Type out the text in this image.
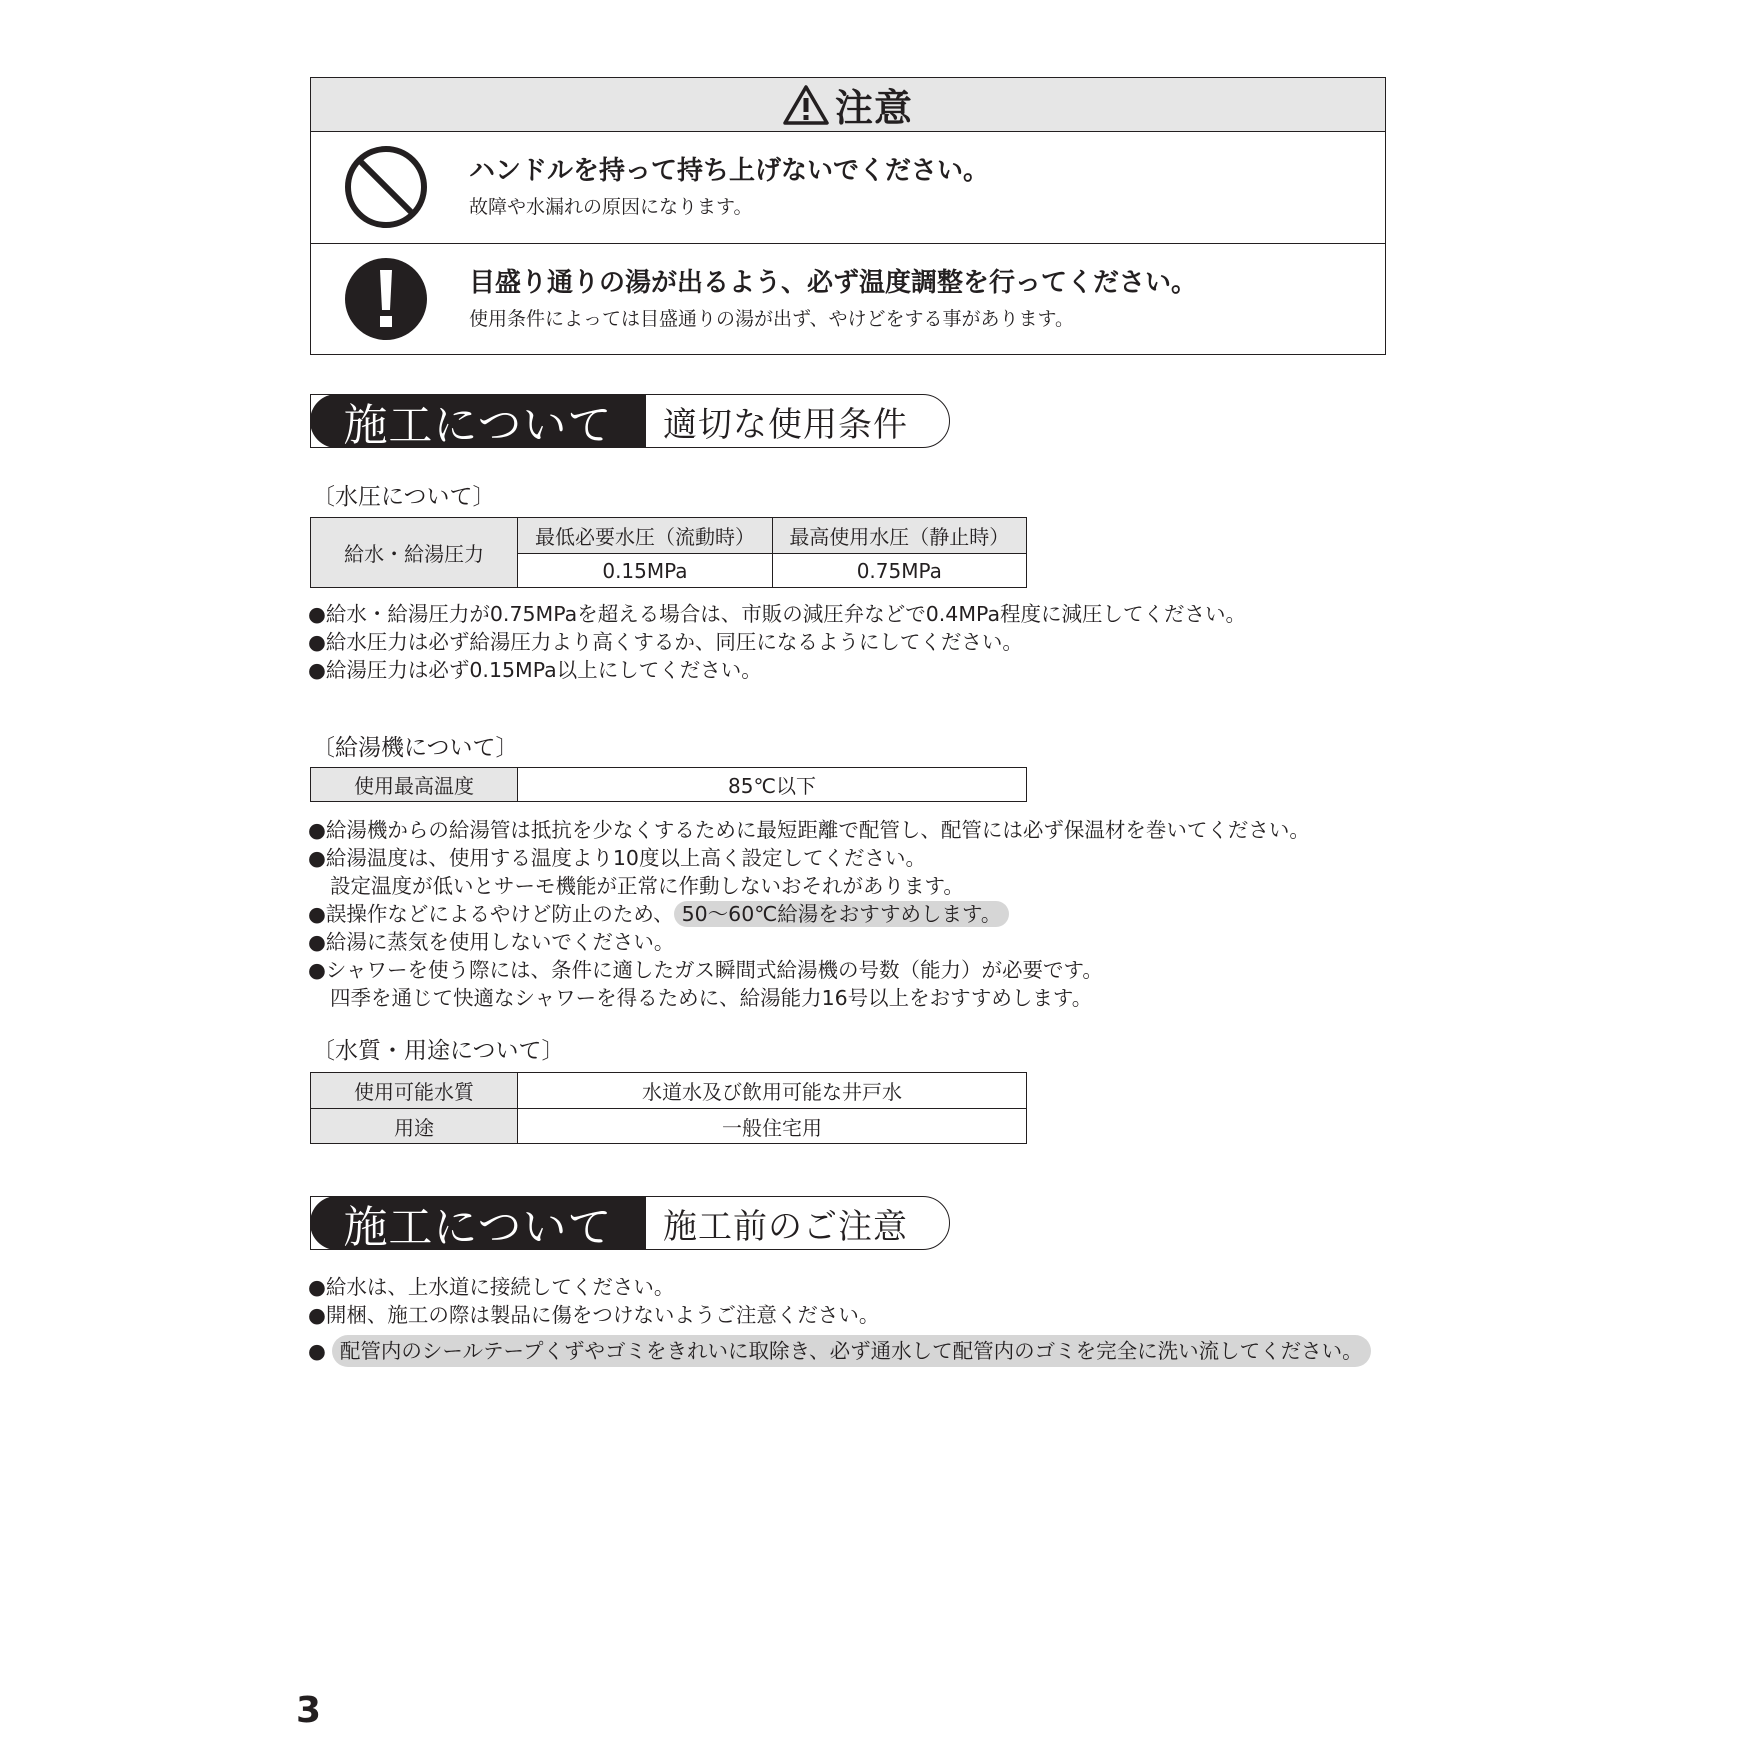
注意
ハンドルを持って持ち上げないでください。
故障や水漏れの原因になります。
目盛り通りの湯が出るよう、必ず温度調整を行ってください。
使用条件によっては目盛通りの湯が出ず、やけどをする事があります。
施工について	適切な使用条件
〔水圧について〕
給水・給湯圧力	最低必要水圧（流動時）	最高使用水圧（静止時）
	0.15MPa	0.75MPa
●給水・給湯圧力が0.75MPaを超える場合は、市販の減圧弁などで0.4MPa程度に減圧してください。
●給水圧力は必ず給湯圧力より高くするか、同圧になるようにしてください。
●給湯圧力は必ず0.15MPa以上にしてください。
〔給湯機について〕
使用最高温度	85℃以下
●給湯機からの給湯管は抵抗を少なくするために最短距離で配管し、配管には必ず保温材を巻いてください。
●給湯温度は、使用する温度より10度以上高く設定してください。
設定温度が低いとサーモ機能が正常に作動しないおそれがあります。
●誤操作などによるやけど防止のため、 50～60℃給湯をおすすめします。
●給湯に蒸気を使用しないでください。
●シャワーを使う際には、条件に適したガス瞬間式給湯機の号数（能力）が必要です。
四季を通じて快適なシャワーを得るために、給湯能力16号以上をおすすめします。
〔水質・用途について〕
使用可能水質	水道水及び飲用可能な井戸水
用途	一般住宅用
施工について	施工前のご注意
●給水は、上水道に接続してください。
●開梱、施工の際は製品に傷をつけないようご注意ください。
● 配管内のシールテープくずやゴミをきれいに取除き、必ず通水して配管内のゴミを完全に洗い流してください。
3
